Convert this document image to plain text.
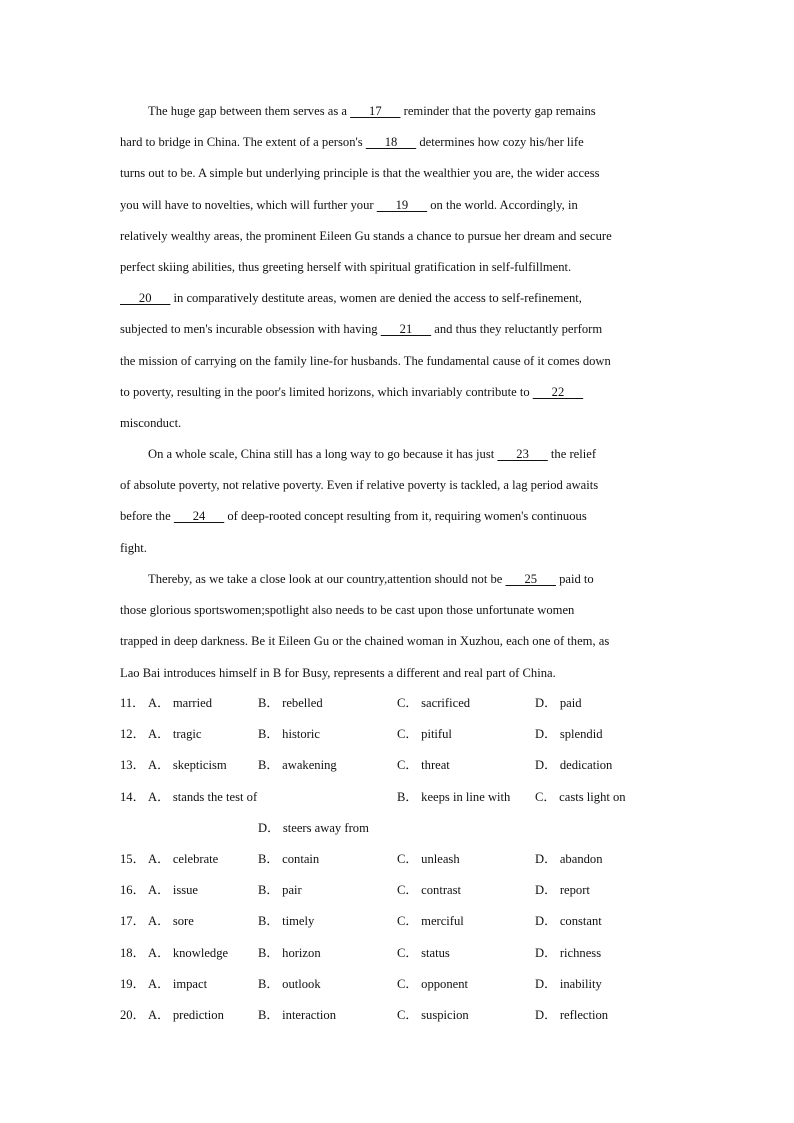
The huge gap between them serves as a       17       reminder that the poverty gap remains
hard to bridge in China. The extent of a person's       18       determines how cozy his/her life
turns out to be. A simple but underlying principle is that the wealthier you are, the wider access
you will have to novelties, which will further your       19       on the world. Accordingly, in
relatively wealthy areas, the prominent Eileen Gu stands a chance to pursue her dream and secure
perfect skiing abilities, thus greeting herself with spiritual gratification in self-fulfillment.
20       in comparatively destitute areas, women are denied the access to self-refinement,
subjected to men's incurable obsession with having       21       and thus they reluctantly perform
the mission of carrying on the family line-for husbands. The fundamental cause of it comes down
to poverty, resulting in the poor's limited horizons, which invariably contribute to       22
misconduct.
On a whole scale, China still has a long way to go because it has just       23       the relief
of absolute poverty, not relative poverty. Even if relative poverty is tackled, a lag period awaits
before the       24       of deep-rooted concept resulting from it, requiring women's continuous
fight.
Thereby, as we take a close look at our country,attention should not be       25       paid to
those glorious sportswomen;spotlight also needs to be cast upon those unfortunate women
trapped in deep darkness. Be it Eileen Gu or the chained woman in Xuzhou, each one of them, as
Lao Bai introduces himself in B for Busy, represents a different and real part of China.
11． A． married	B． rebelled	C． sacrificed	D． paid
12． A． tragic	B． historic	C． pitiful	D． splendid
13． A． skepticism B． awakening	C． threat	D． dedication
14． A． stands the test of	B． keeps in line with C． casts light on
D． steers away from
15． A． celebrate	B． contain	C． unleash	D． abandon
16． A． issue	B． pair	C． contrast	D． report
17． A． sore	B． timely	C． merciful	D． constant
18． A． knowledge B． horizon	C． status	D． richness
19． A． impact	B． outlook	C． opponent	D． inability
20． A． prediction	B． interaction	C． suspicion	D． reflection
